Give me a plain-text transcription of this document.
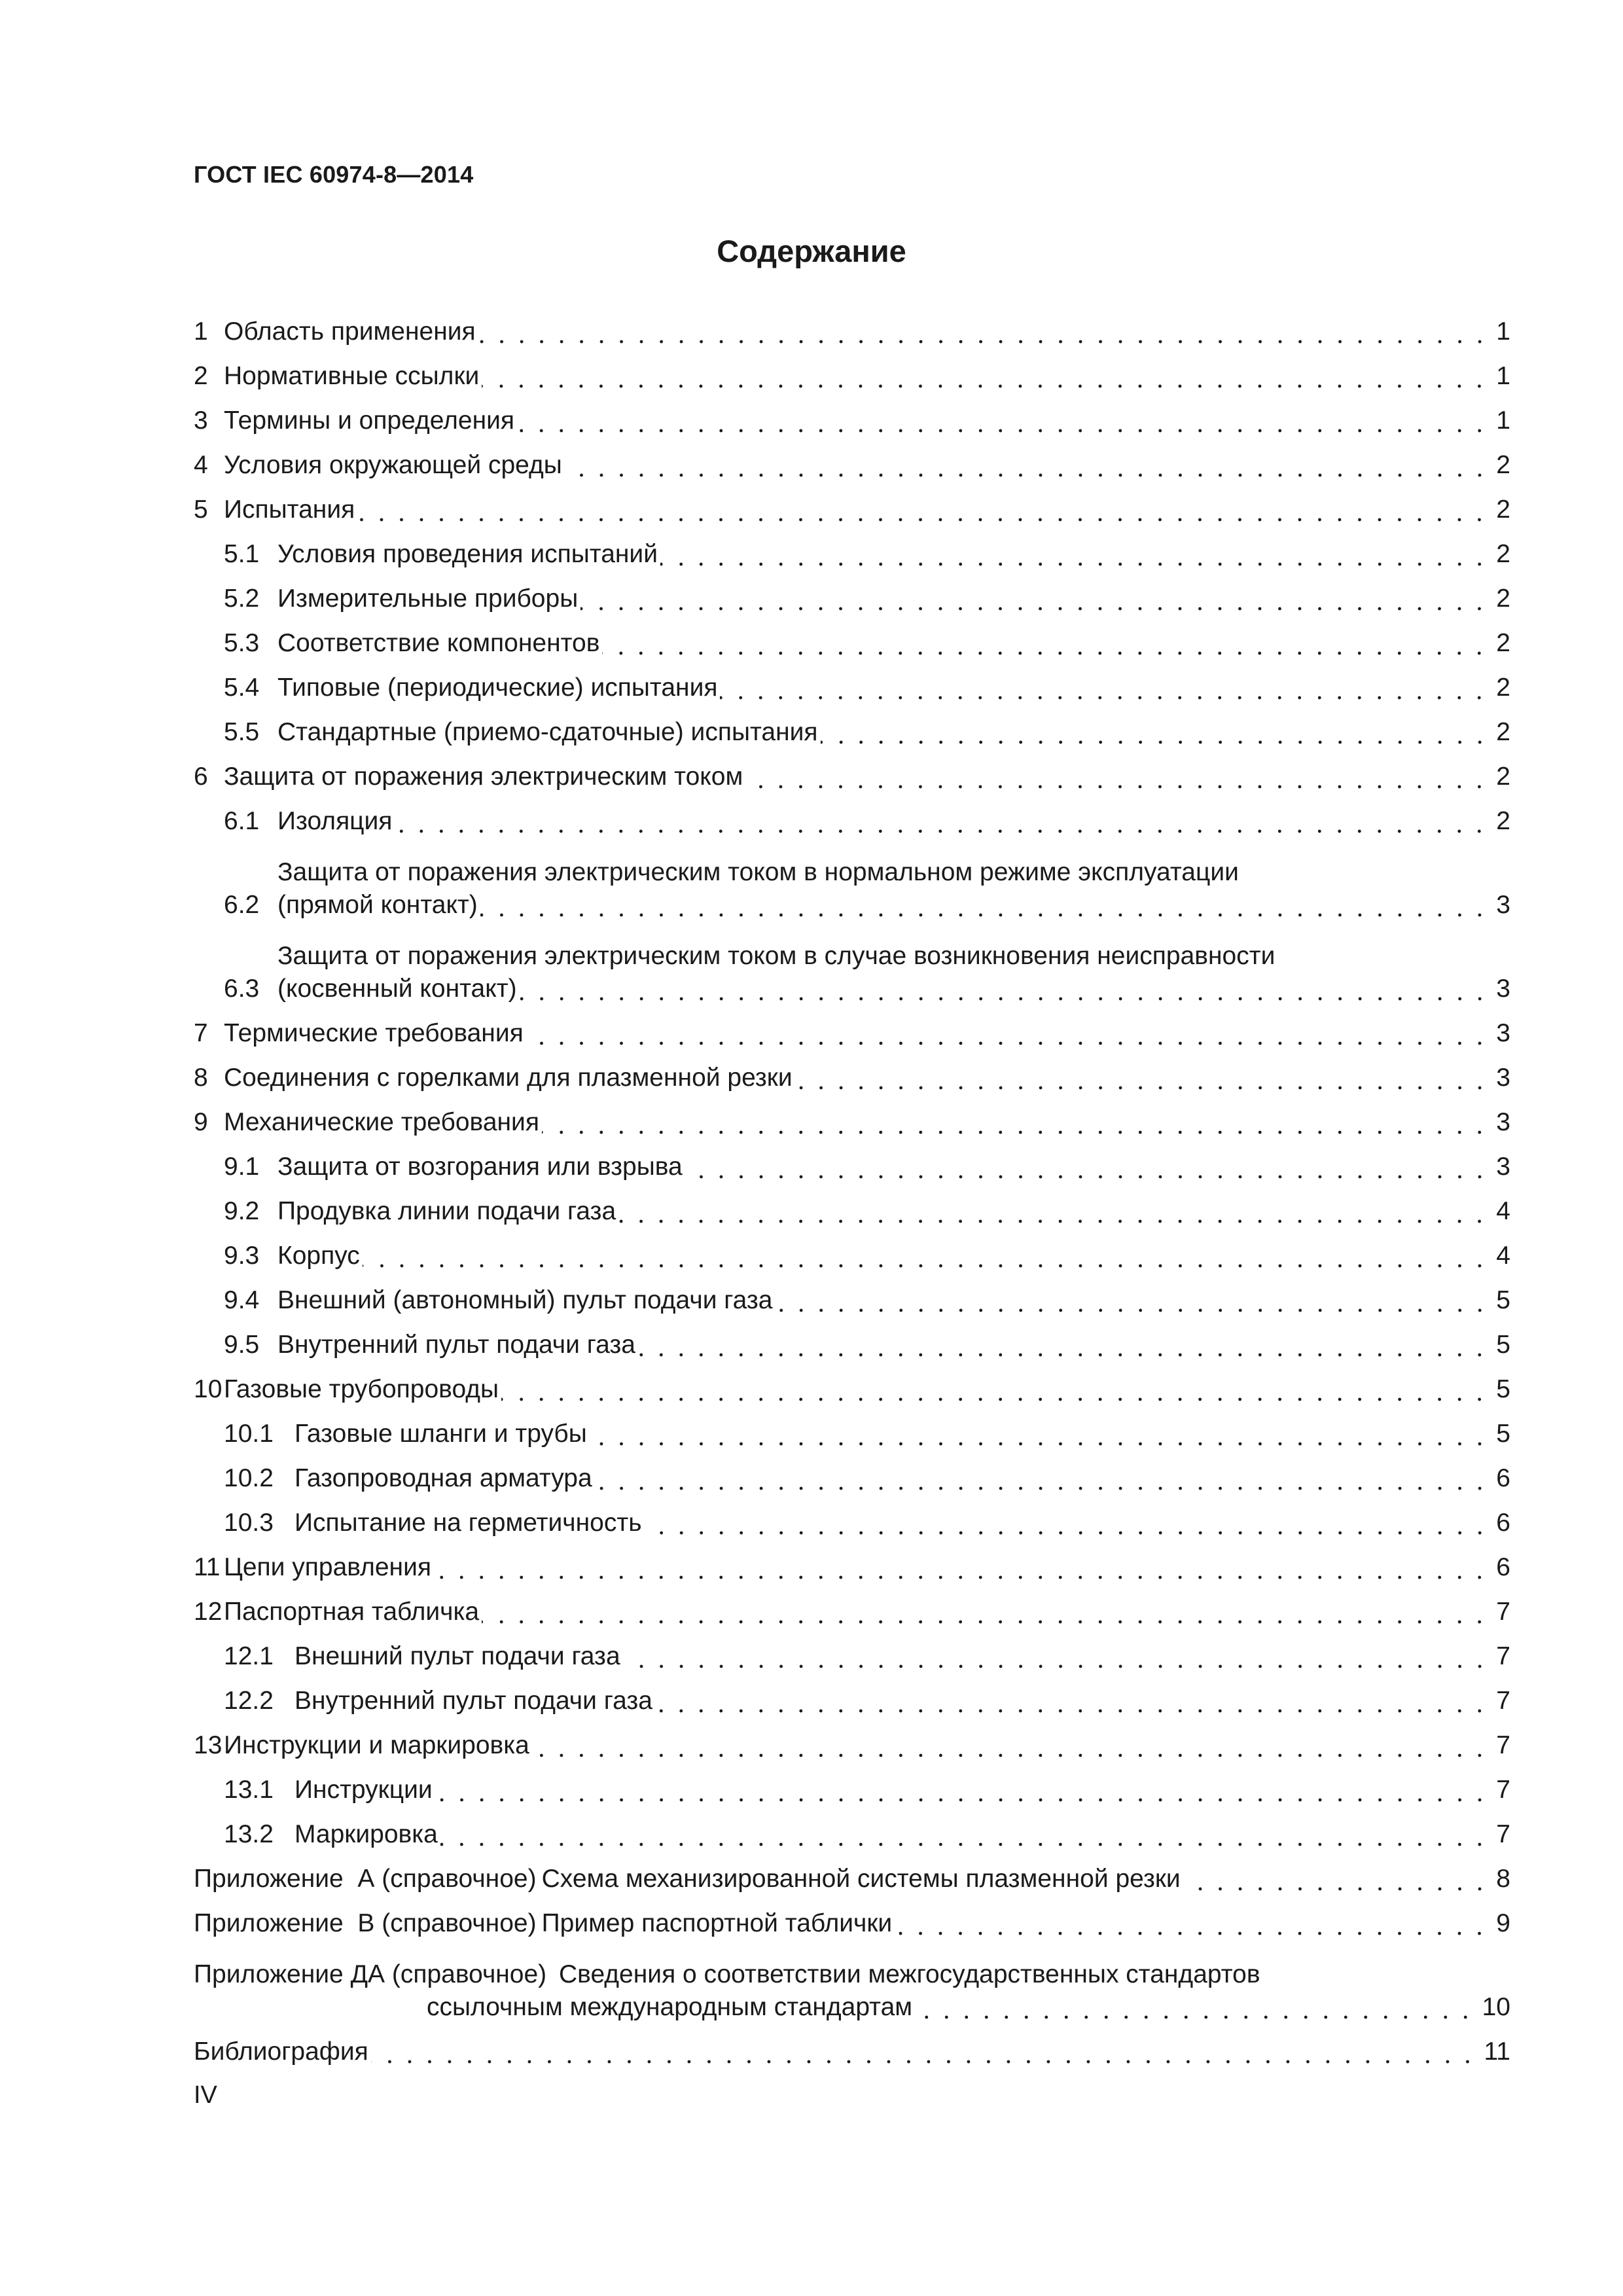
ГОСТ IEC 60974-8—2014
Содержание
1 Область применения	1
2 Нормативные ссылки	1
3 Термины и определения	1
4 Условия окружающей среды	2
5 Испытания	2
5.1 Условия проведения испытаний	2
5.2 Измерительные приборы	2
5.3 Соответствие компонентов	2
5.4 Типовые (периодические) испытания	2
5.5 Стандартные (приемо-сдаточные) испытания	2
6 Защита от поражения электрическим током	2
6.1 Изоляция	2
6.2
Защита от поражения электрическим током в нормальном режиме эксплуатации
(прямой контакт)	3
6.3
Защита от поражения электрическим током в случае возникновения неисправности
(косвенный контакт)	3
7 Термические требования	3
8 Соединения с горелками для плазменной резки	3
9 Механические требования	3
9.1 Защита от возгорания или взрыва	3
9.2 Продувка линии подачи газа	4
9.3 Корпус	4
9.4 Внешний (автономный) пульт подачи газа	5
9.5 Внутренний пульт подачи газа	5
10 Газовые трубопроводы	5
10.1 Газовые шланги и трубы	5
10.2 Газопроводная арматура	6
10.3 Испытание на герметичность	6
11 Цепи управления	6
12 Паспортная табличка	7
12.1 Внешний пульт подачи газа	7
12.2 Внутренний пульт подачи газа	7
13 Инструкции и маркировка	7
13.1 Инструкции	7
13.2 Маркировка	7
Приложение  А (справочное) Схема механизированной системы плазменной резки	8
Приложение  В (справочное) Пример паспортной таблички	9
Приложение ДА (справочное) Сведения о соответствии межгосударственных стандартов
ссылочным международным стандартам	10
Библиография	11
IV
